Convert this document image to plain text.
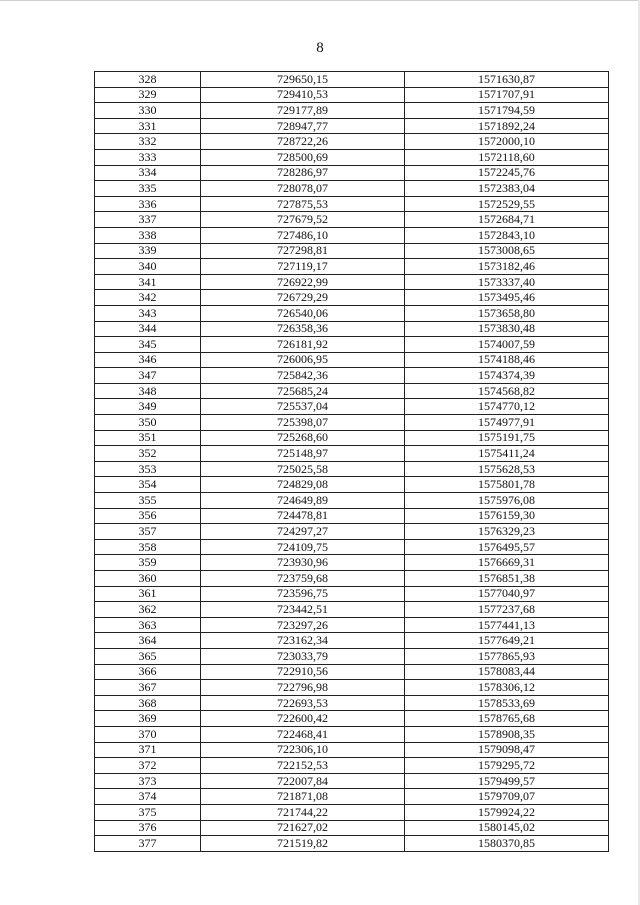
8
328	729650,15	1571630,87
329	729410,53	1571707,91
330	729177,89	1571794,59
331	728947,77	1571892,24
332	728722,26	1572000,10
333	728500,69	1572118,60
334	728286,97	1572245,76
335	728078,07	1572383,04
336	727875,53	1572529,55
337	727679,52	1572684,71
338	727486,10	1572843,10
339	727298,81	1573008,65
340	727119,17	1573182,46
341	726922,99	1573337,40
342	726729,29	1573495,46
343	726540,06	1573658,80
344	726358,36	1573830,48
345	726181,92	1574007,59
346	726006,95	1574188,46
347	725842,36	1574374,39
348	725685,24	1574568,82
349	725537,04	1574770,12
350	725398,07	1574977,91
351	725268,60	1575191,75
352	725148,97	1575411,24
353	725025,58	1575628,53
354	724829,08	1575801,78
355	724649,89	1575976,08
356	724478,81	1576159,30
357	724297,27	1576329,23
358	724109,75	1576495,57
359	723930,96	1576669,31
360	723759,68	1576851,38
361	723596,75	1577040,97
362	723442,51	1577237,68
363	723297,26	1577441,13
364	723162,34	1577649,21
365	723033,79	1577865,93
366	722910,56	1578083,44
367	722796,98	1578306,12
368	722693,53	1578533,69
369	722600,42	1578765,68
370	722468,41	1578908,35
371	722306,10	1579098,47
372	722152,53	1579295,72
373	722007,84	1579499,57
374	721871,08	1579709,07
375	721744,22	1579924,22
376	721627,02	1580145,02
377	721519,82	1580370,85
